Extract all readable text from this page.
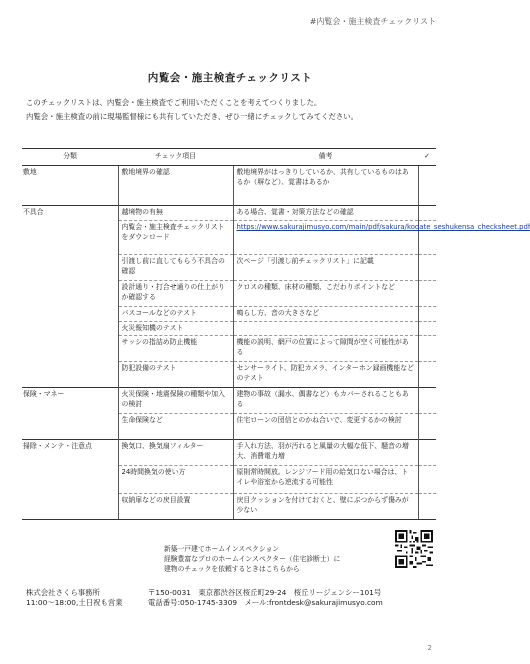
#内覧会・施主検査チェックリスト
内覧会・施主検査チェックリスト
このチェックリストは、内覧会・施主検査でご利用いただくことを考えてつくりました。
内覧会・施主検査の前に現場監督様にも共有していただき、ぜひ一緒にチェックしてみてください。
分類	チェック項目	備考	✓
敷地	敷地境界の確認	敷地境界がはっきりしているか、共有しているものはあるか（塀など）、覚書はあるか	
不具合	越境物の有無	ある場合、覚書・対策方法などの確認	
	内覧会・施主検査チェックリストをダウンロード	https://www.sakurajimusyo.com/main/pdf/sakura/kodate_seshukensa_checksheet.pdf	
	引渡し前に直してもらう不具合の確認	次ページ「引渡し前チェックリスト」に記載	
	設計通り・打合せ通りの仕上がりか確認する	クロスの種類、床材の種類、こだわりポイントなど	
	バスコールなどのテスト	鳴らし方、音の大きさなど	
	火災報知機のテスト		
	サッシの指詰め防止機能	機能の説明、網戸の位置によって隙間が空く可能性がある	
	防犯設備のテスト	センサーライト、防犯カメラ、インターホン録画機能などのテスト	
保険・マネー	火災保険・地震保険の種類や加入の検討	建物の事故（漏水、偶書など）もカバーされることもある	
	生命保険など	住宅ローンの団信とのかね合いで、変更するかの検討	
掃除・メンテ・注意点	換気口、換気扇フィルター	手入れ方法、羽が汚れると風量の大幅な低下、騒音の増大、消費電力増	
	24時間換気の使い方	原則常時開放。レンジフード用の給気口ない場合は、トイレや浴室から逆流する可能性	
	収納扉などの戻目設置	戻目クッションを付けておくと、壁にぶつからず傷みが少ない	
新築一戸建てホームインスペクション
経験豊富なプロのホームインスペクター（住宅診断士）に
建物のチェックを依頼するときはこちらから
株式会社さくら事務所
11:00～18:00,土日祝も営業
〒150-0031　東京都渋谷区桜丘町29-24　桜丘リージェンシー101号
電話番号:050-1745-3309　メール:frontdesk@sakurajimusyo.com
2
